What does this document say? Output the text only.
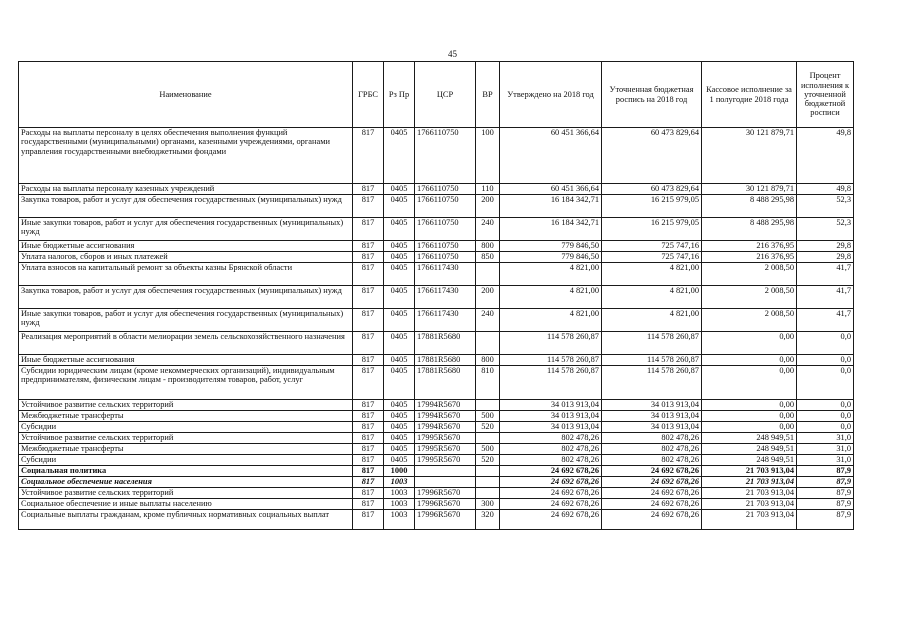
45
Наименование	ГРБС	Рз Пр	ЦСР	ВР	Утверждено на 2018 год	Уточненная бюджетная роспись на 2018 год	Кассовое исполнение за 1 полугодие 2018 года	Процент исполнения к уточненной бюджетной росписи
Расходы на выплаты персоналу в целях обеспечения выполнения функций государственными (муниципальными) органами, казенными учреждениями, органами управления государственными внебюджетными фондами	817	0405	1766110750	100	60 451 366,64	60 473 829,64	30 121 879,71	49,8
Расходы на выплаты персоналу казенных учреждений	817	0405	1766110750	110	60 451 366,64	60 473 829,64	30 121 879,71	49,8
Закупка товаров, работ и услуг для обеспечения государственных (муниципальных) нужд	817	0405	1766110750	200	16 184 342,71	16 215 979,05	8 488 295,98	52,3
Иные закупки товаров, работ и услуг для обеспечения государственных (муниципальных) нужд	817	0405	1766110750	240	16 184 342,71	16 215 979,05	8 488 295,98	52,3
Иные бюджетные ассигнования	817	0405	1766110750	800	779 846,50	725 747,16	216 376,95	29,8
Уплата налогов, сборов и иных платежей	817	0405	1766110750	850	779 846,50	725 747,16	216 376,95	29,8
Уплата взносов на капитальный ремонт за объекты казны Брянской области	817	0405	1766117430		4 821,00	4 821,00	2 008,50	41,7
Закупка товаров, работ и услуг для обеспечения государственных (муниципальных) нужд	817	0405	1766117430	200	4 821,00	4 821,00	2 008,50	41,7
Иные закупки товаров, работ и услуг для обеспечения государственных (муниципальных) нужд	817	0405	1766117430	240	4 821,00	4 821,00	2 008,50	41,7
Реализация мероприятий в области мелиорации земель сельскохозяйственного назначения	817	0405	17881R5680		114 578 260,87	114 578 260,87	0,00	0,0
Иные бюджетные ассигнования	817	0405	17881R5680	800	114 578 260,87	114 578 260,87	0,00	0,0
Субсидии юридическим лицам (кроме некоммерческих организаций), индивидуальным предпринимателям, физическим лицам - производителям товаров, работ, услуг	817	0405	17881R5680	810	114 578 260,87	114 578 260,87	0,00	0,0
Устойчивое развитие сельских территорий	817	0405	17994R5670		34 013 913,04	34 013 913,04	0,00	0,0
Межбюджетные трансферты	817	0405	17994R5670	500	34 013 913,04	34 013 913,04	0,00	0,0
Субсидии	817	0405	17994R5670	520	34 013 913,04	34 013 913,04	0,00	0,0
Устойчивое развитие сельских территорий	817	0405	17995R5670		802 478,26	802 478,26	248 949,51	31,0
Межбюджетные трансферты	817	0405	17995R5670	500	802 478,26	802 478,26	248 949,51	31,0
Субсидии	817	0405	17995R5670	520	802 478,26	802 478,26	248 949,51	31,0
Социальная политика	817	1000			24 692 678,26	24 692 678,26	21 703 913,04	87,9
Социальное обеспечение населения	817	1003			24 692 678,26	24 692 678,26	21 703 913,04	87,9
Устойчивое развитие сельских территорий	817	1003	17996R5670		24 692 678,26	24 692 678,26	21 703 913,04	87,9
Социальное обеспечение и иные выплаты населению	817	1003	17996R5670	300	24 692 678,26	24 692 678,26	21 703 913,04	87,9
Социальные выплаты гражданам, кроме публичных нормативных социальных выплат	817	1003	17996R5670	320	24 692 678,26	24 692 678,26	21 703 913,04	87,9
